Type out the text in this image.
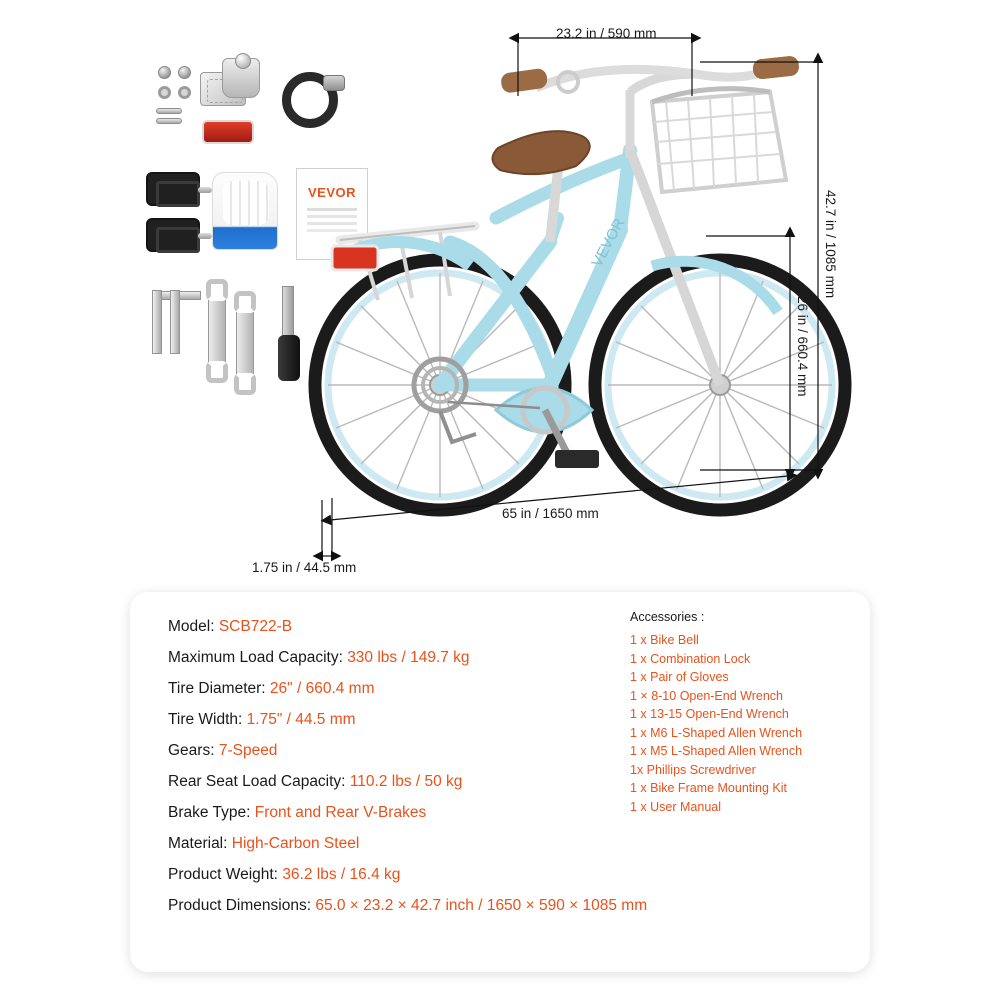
VEVOR
VEVOR
23.2 in / 590 mm
42.7 in / 1085 mm
26 in / 660.4 mm
65 in / 1650 mm
1.75 in / 44.5 mm
Model: SCB722-B
Maximum Load Capacity: 330 lbs / 149.7 kg
Tire Diameter: 26" / 660.4 mm
Tire Width: 1.75" / 44.5 mm
Gears: 7-Speed
Rear Seat Load Capacity: 110.2 lbs / 50 kg
Brake Type: Front and Rear V-Brakes
Material: High-Carbon Steel
Product Weight: 36.2 lbs / 16.4 kg
Product Dimensions: 65.0 × 23.2 × 42.7 inch / 1650 × 590 × 1085 mm
Accessories :
1 x Bike Bell
1 x Combination Lock
1 x Pair of Gloves
1 × 8-10 Open-End Wrench
1 x 13-15 Open-End Wrench
1 x M6 L-Shaped Allen Wrench
1 x M5 L-Shaped Allen Wrench
1x Phillips Screwdriver
1 x Bike Frame Mounting Kit
1 x User Manual
